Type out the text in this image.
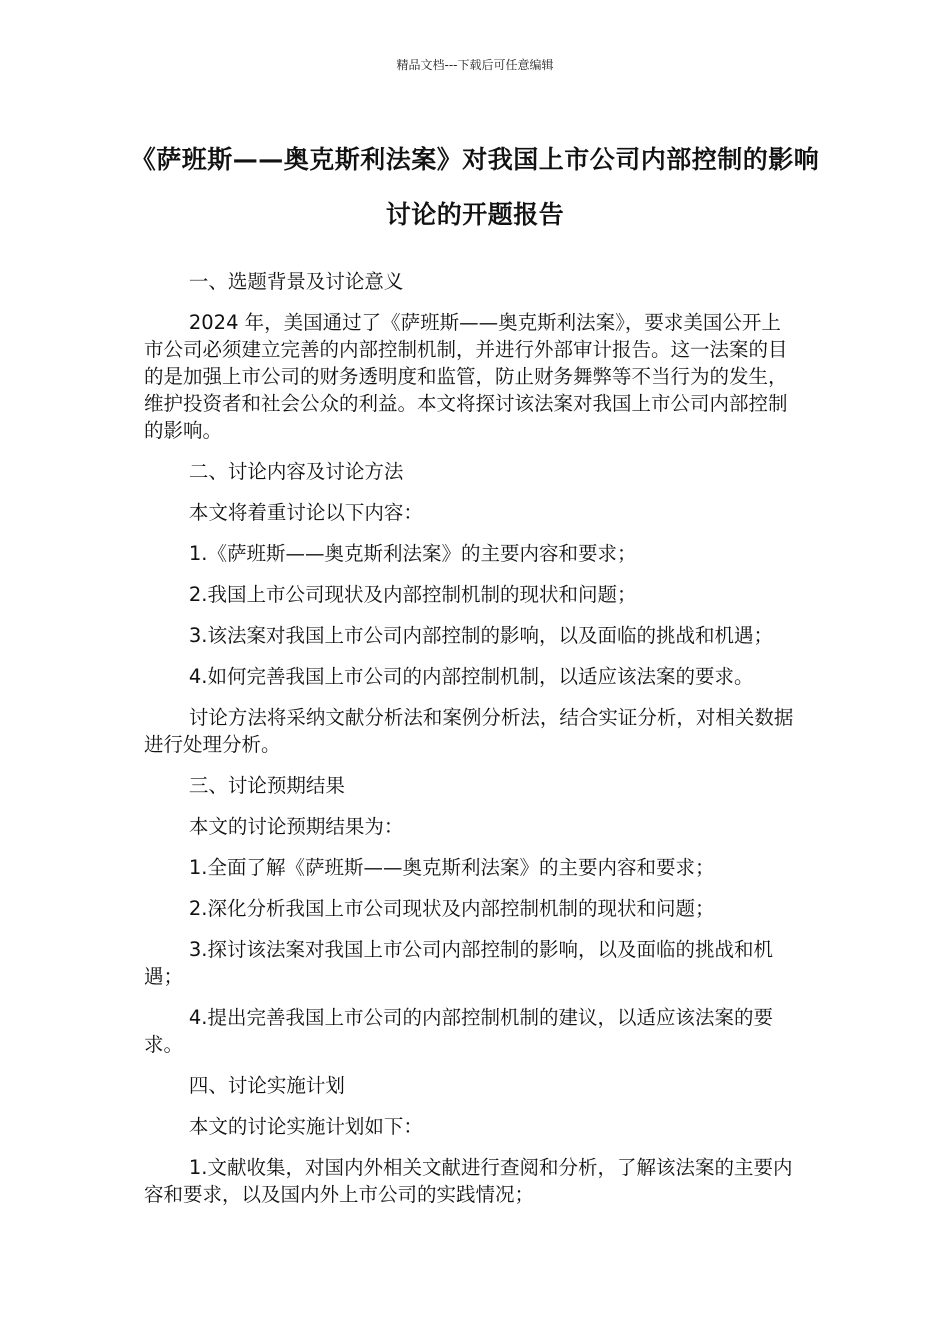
精品文档---下载后可任意编辑
《萨班斯——奥克斯利法案》对我国上市公司内部控制的影响讨论的开题报告

一、选题背景及讨论意义

2024 年，美国通过了《萨班斯——奥克斯利法案》，要求美国公开上市公司必须建立完善的内部控制机制，并进行外部审计报告。这一法案的目的是加强上市公司的财务透明度和监管，防止财务舞弊等不当行为的发生，维护投资者和社会公众的利益。本文将探讨该法案对我国上市公司内部控制的影响。

二、讨论内容及讨论方法

本文将着重讨论以下内容：

1.《萨班斯——奥克斯利法案》的主要内容和要求；

2.我国上市公司现状及内部控制机制的现状和问题；

3.该法案对我国上市公司内部控制的影响，以及面临的挑战和机遇；

4.如何完善我国上市公司的内部控制机制，以适应该法案的要求。

讨论方法将采纳文献分析法和案例分析法，结合实证分析，对相关数据进行处理分析。

三、讨论预期结果

本文的讨论预期结果为：

1.全面了解《萨班斯——奥克斯利法案》的主要内容和要求；

2.深化分析我国上市公司现状及内部控制机制的现状和问题；

3.探讨该法案对我国上市公司内部控制的影响，以及面临的挑战和机遇；

4.提出完善我国上市公司的内部控制机制的建议，以适应该法案的要求。

四、讨论实施计划

本文的讨论实施计划如下：

1.文献收集，对国内外相关文献进行查阅和分析，了解该法案的主要内容和要求，以及国内外上市公司的实践情况；
